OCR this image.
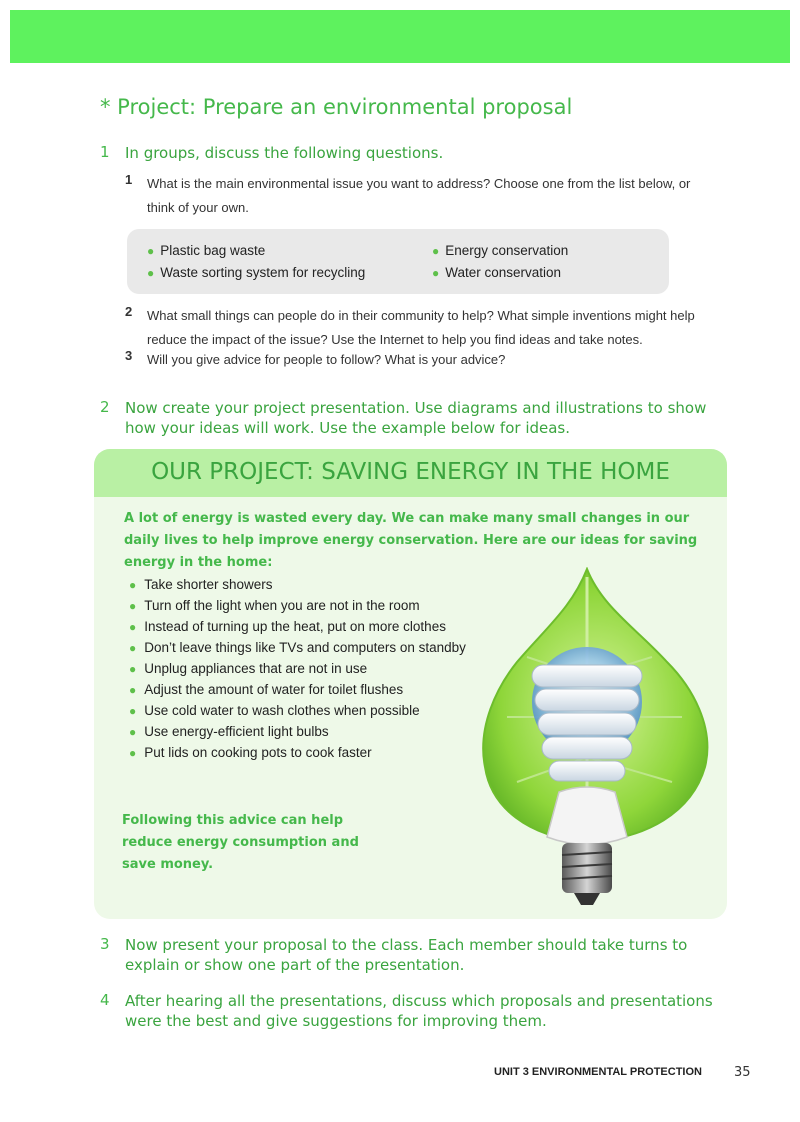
* Project: Prepare an environmental proposal
1 In groups, discuss the following questions.
1 What is the main environmental issue you want to address? Choose one from the list below, or think of your own.
● Plastic bag waste	● Energy conservation
● Waste sorting system for recycling	● Water conservation
2 What small things can people do in their community to help? What simple inventions might help reduce the impact of the issue? Use the Internet to help you find ideas and take notes.
3 Will you give advice for people to follow? What is your advice?
2 Now create your project presentation. Use diagrams and illustrations to show how your ideas will work. Use the example below for ideas.
OUR PROJECT: SAVING ENERGY IN THE HOME
A lot of energy is wasted every day. We can make many small changes in our daily lives to help improve energy conservation. Here are our ideas for saving energy in the home:
● Take shorter showers
● Turn off the light when you are not in the room
● Instead of turning up the heat, put on more clothes
● Don’t leave things like TVs and computers on standby
● Unplug appliances that are not in use
● Adjust the amount of water for toilet flushes
● Use cold water to wash clothes when possible
● Use energy-efficient light bulbs
● Put lids on cooking pots to cook faster
Following this advice can help reduce energy consumption and save money.
3 Now present your proposal to the class. Each member should take turns to explain or show one part of the presentation.
4 After hearing all the presentations, discuss which proposals and presentations were the best and give suggestions for improving them.
UNIT 3 ENVIRONMENTAL PROTECTION 35
